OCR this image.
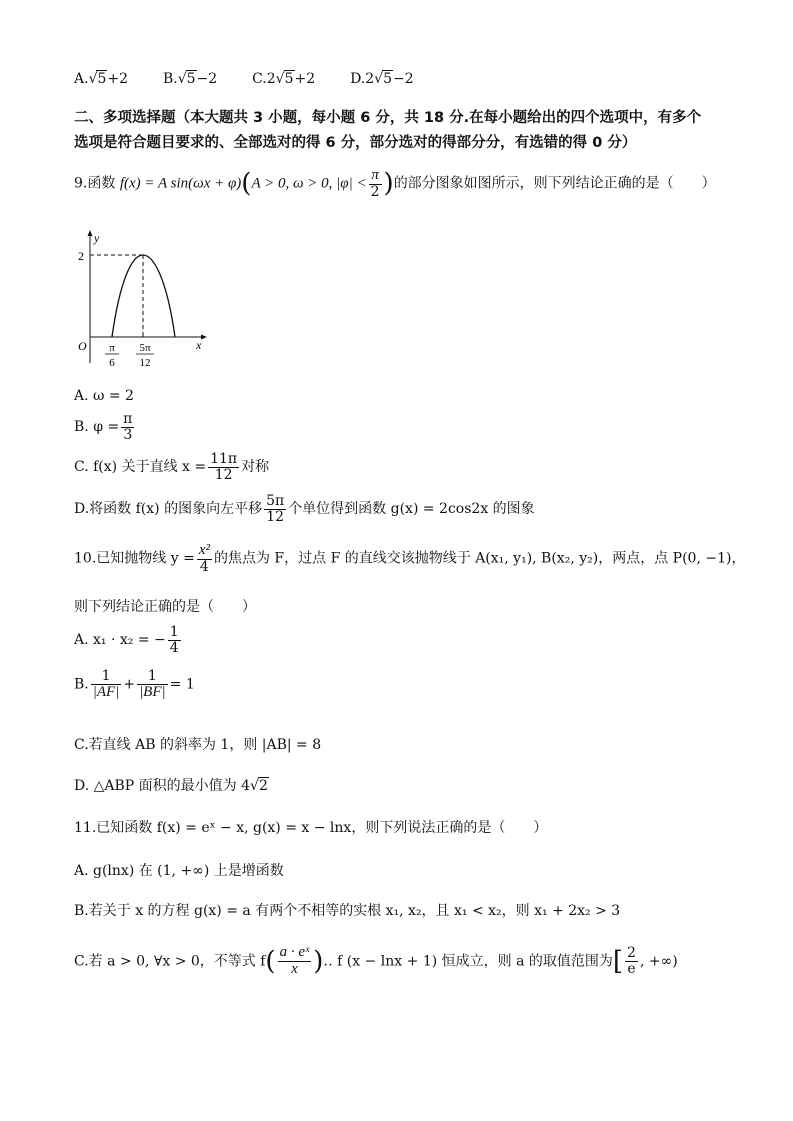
A.√5+2 B.√5−2 C.2√5+2 D.2√5−2
二、多项选择题（本大题共 3 小题，每小题 6 分，共 18 分.在每小题给出的四个选项中，有多个
选项是符合题目要求的、全部选对的得 6 分，部分选对的得部分分，有选错的得 0 分）
9.函数 f(x) = A sin(ωx + φ)(A > 0, ω > 0, $|\varphi| < \frac{\pi}{2}$ )的部分图象如图所示，则下列结论正确的是（　　）
y
x
O
2
π
6
5π
12
A. ω = 2
B. $\varphi = \frac{\pi}{3}$
C. f(x) 关于直线 $x = \frac{11\pi}{12}$ 对称
D.将函数 f(x) 的图象向左平移 $\frac{5\pi}{12}$ 个单位得到函数 g(x) = 2cos2x 的图象
10.已知抛物线 $y = \frac{\text{x²}}{4}$ 的焦点为 F，过点 F 的直线交该抛物线于 A(x₁, y₁), B(x₂, y₂)，两点，点 P(0, −1)，
则下列结论正确的是（　　）
A. x₁ · x₂ = − $\frac{1}{4}$
B. $\frac{1}{|AF|} + \frac{1}{|BF|} = 1$
C.若直线 AB 的斜率为 1，则 |AB| = 8
D. △ABP 面积的最小值为 4√2
11.已知函数 f(x) = eˣ − x, g(x) = x − lnx，则下列说法正确的是（　　）
A. g(lnx) 在 (1, +∞) 上是增函数
B.若关于 x 的方程 g(x) = a 有两个不相等的实根 x₁, x₂，且 x₁ < x₂，则 x₁ + 2x₂ > 3
C.若 a > 0, ∀x > 0，不等式 $f( \frac{\text{a · eˣ}}{x}$ )‥ f (x − lnx + 1) 恒成立，则 a 的取值范围为[ $\frac{2}{e}$ , +∞)
